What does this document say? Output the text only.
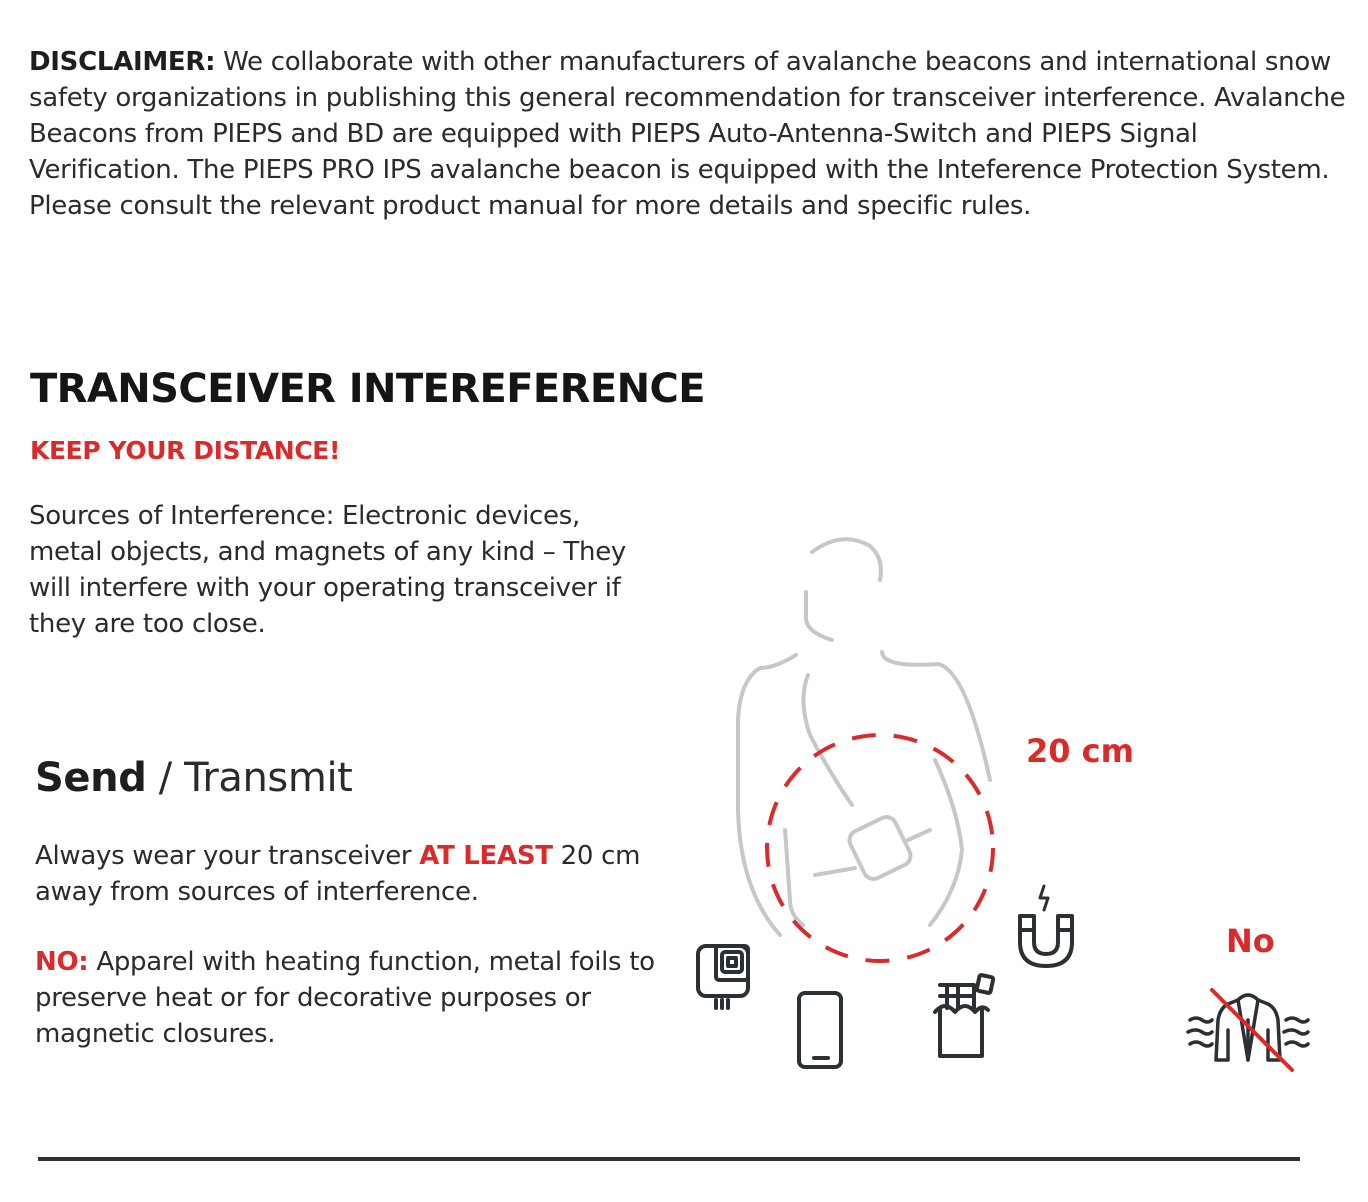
DISCLAIMER: We collaborate with other manufacturers of avalanche beacons and international snow safety organizations in publishing this general recommendation for transceiver interference. Avalanche Beacons from PIEPS and BD are equipped with PIEPS Auto-Antenna-Switch and PIEPS Signal Verification. The PIEPS PRO IPS avalanche beacon is equipped with the Inteference Protection System. Please consult the relevant product manual for more details and specific rules.
TRANSCEIVER INTEREFERENCE
KEEP YOUR DISTANCE!
Sources of Interference: Electronic devices, metal objects, and magnets of any kind – They will interfere with your operating transceiver if they are too close.
Send / Transmit
Always wear your transceiver AT LEAST 20 cm away from sources of interference.
NO: Apparel with heating function, metal foils to preserve heat or for decorative purposes or magnetic closures.
20 cm
No
